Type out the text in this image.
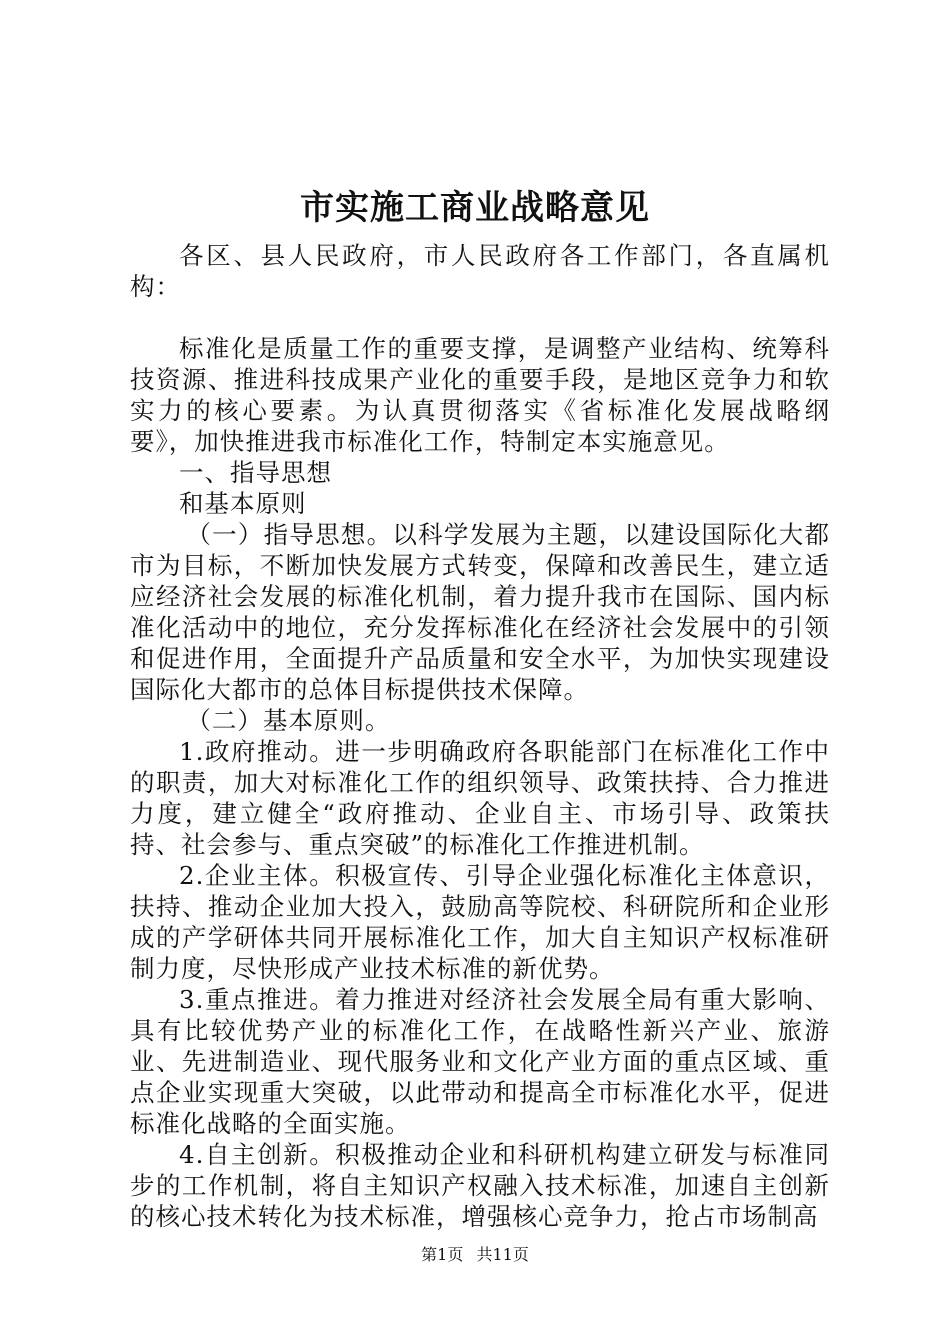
市实施工商业战略意见

各区、县人民政府，市人民政府各工作部门，各直属机构：

标准化是质量工作的重要支撑，是调整产业结构、统筹科技资源、推进科技成果产业化的重要手段，是地区竞争力和软实力的核心要素。为认真贯彻落实《省标准化发展战略纲要》，加快推进我市标准化工作，特制定本实施意见。

一、指导思想

和基本原则

（一）指导思想。以科学发展为主题，以建设国际化大都市为目标，不断加快发展方式转变，保障和改善民生，建立适应经济社会发展的标准化机制，着力提升我市在国际、国内标准化活动中的地位，充分发挥标准化在经济社会发展中的引领和促进作用，全面提升产品质量和安全水平，为加快实现建设国际化大都市的总体目标提供技术保障。

（二）基本原则。

1.政府推动。进一步明确政府各职能部门在标准化工作中的职责，加大对标准化工作的组织领导、政策扶持、合力推进力度，建立健全“政府推动、企业自主、市场引导、政策扶持、社会参与、重点突破”的标准化工作推进机制。

2.企业主体。积极宣传、引导企业强化标准化主体意识，扶持、推动企业加大投入，鼓励高等院校、科研院所和企业形成的产学研体共同开展标准化工作，加大自主知识产权标准研制力度，尽快形成产业技术标准的新优势。

3.重点推进。着力推进对经济社会发展全局有重大影响、具有比较优势产业的标准化工作，在战略性新兴产业、旅游业、先进制造业、现代服务业和文化产业方面的重点区域、重点企业实现重大突破，以此带动和提高全市标准化水平，促进标准化战略的全面实施。

4.自主创新。积极推动企业和科研机构建立研发与标准同步的工作机制，将自主知识产权融入技术标准，加速自主创新的核心技术转化为技术标准，增强核心竞争力，抢占市场制高

第1页 共11页
